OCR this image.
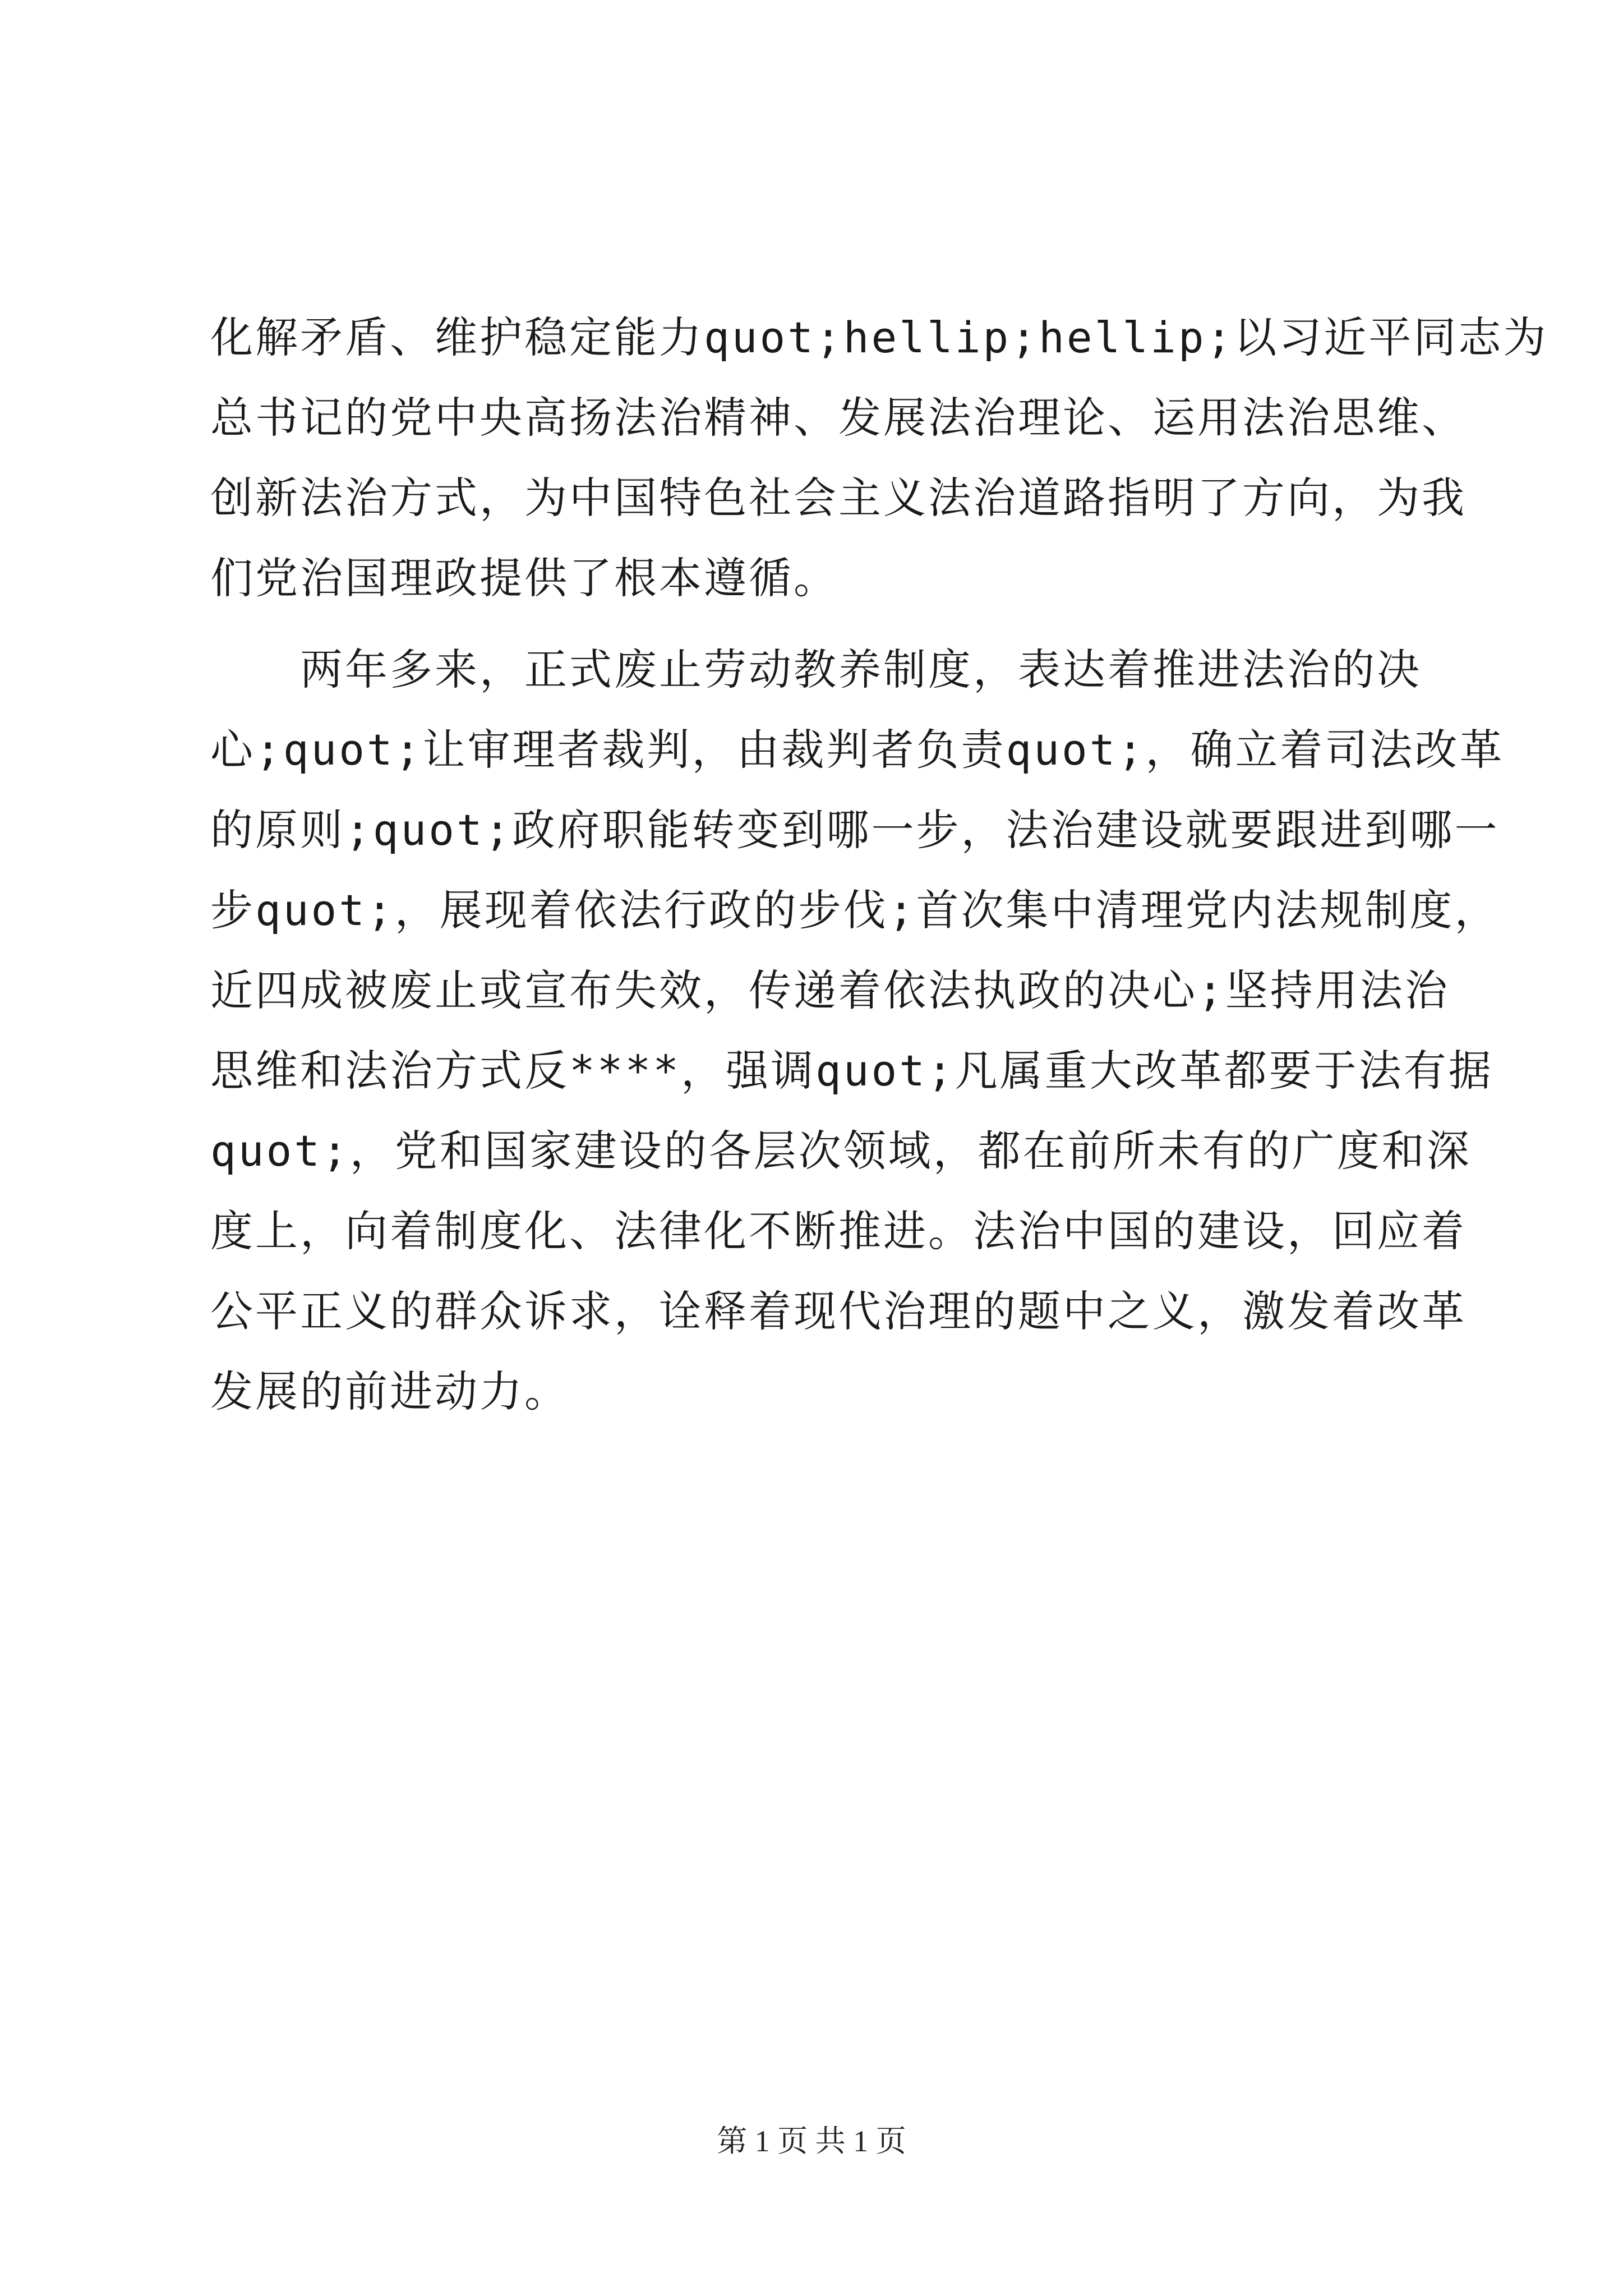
化解矛盾、维护稳定能力quot;hellip;hellip;以习近平同志为
总书记的党中央高扬法治精神、发展法治理论、运用法治思维、
创新法治方式，为中国特色社会主义法治道路指明了方向，为我
们党治国理政提供了根本遵循。
　　两年多来，正式废止劳动教养制度，表达着推进法治的决
心;quot;让审理者裁判，由裁判者负责quot;，确立着司法改革
的原则;quot;政府职能转变到哪一步，法治建设就要跟进到哪一
步quot;，展现着依法行政的步伐;首次集中清理党内法规制度，
近四成被废止或宣布失效，传递着依法执政的决心;坚持用法治
思维和法治方式反****，强调quot;凡属重大改革都要于法有据
quot;，党和国家建设的各层次领域，都在前所未有的广度和深
度上，向着制度化、法律化不断推进。法治中国的建设，回应着
公平正义的群众诉求，诠释着现代治理的题中之义，激发着改革
发展的前进动力。
第 1 页 共 1 页
